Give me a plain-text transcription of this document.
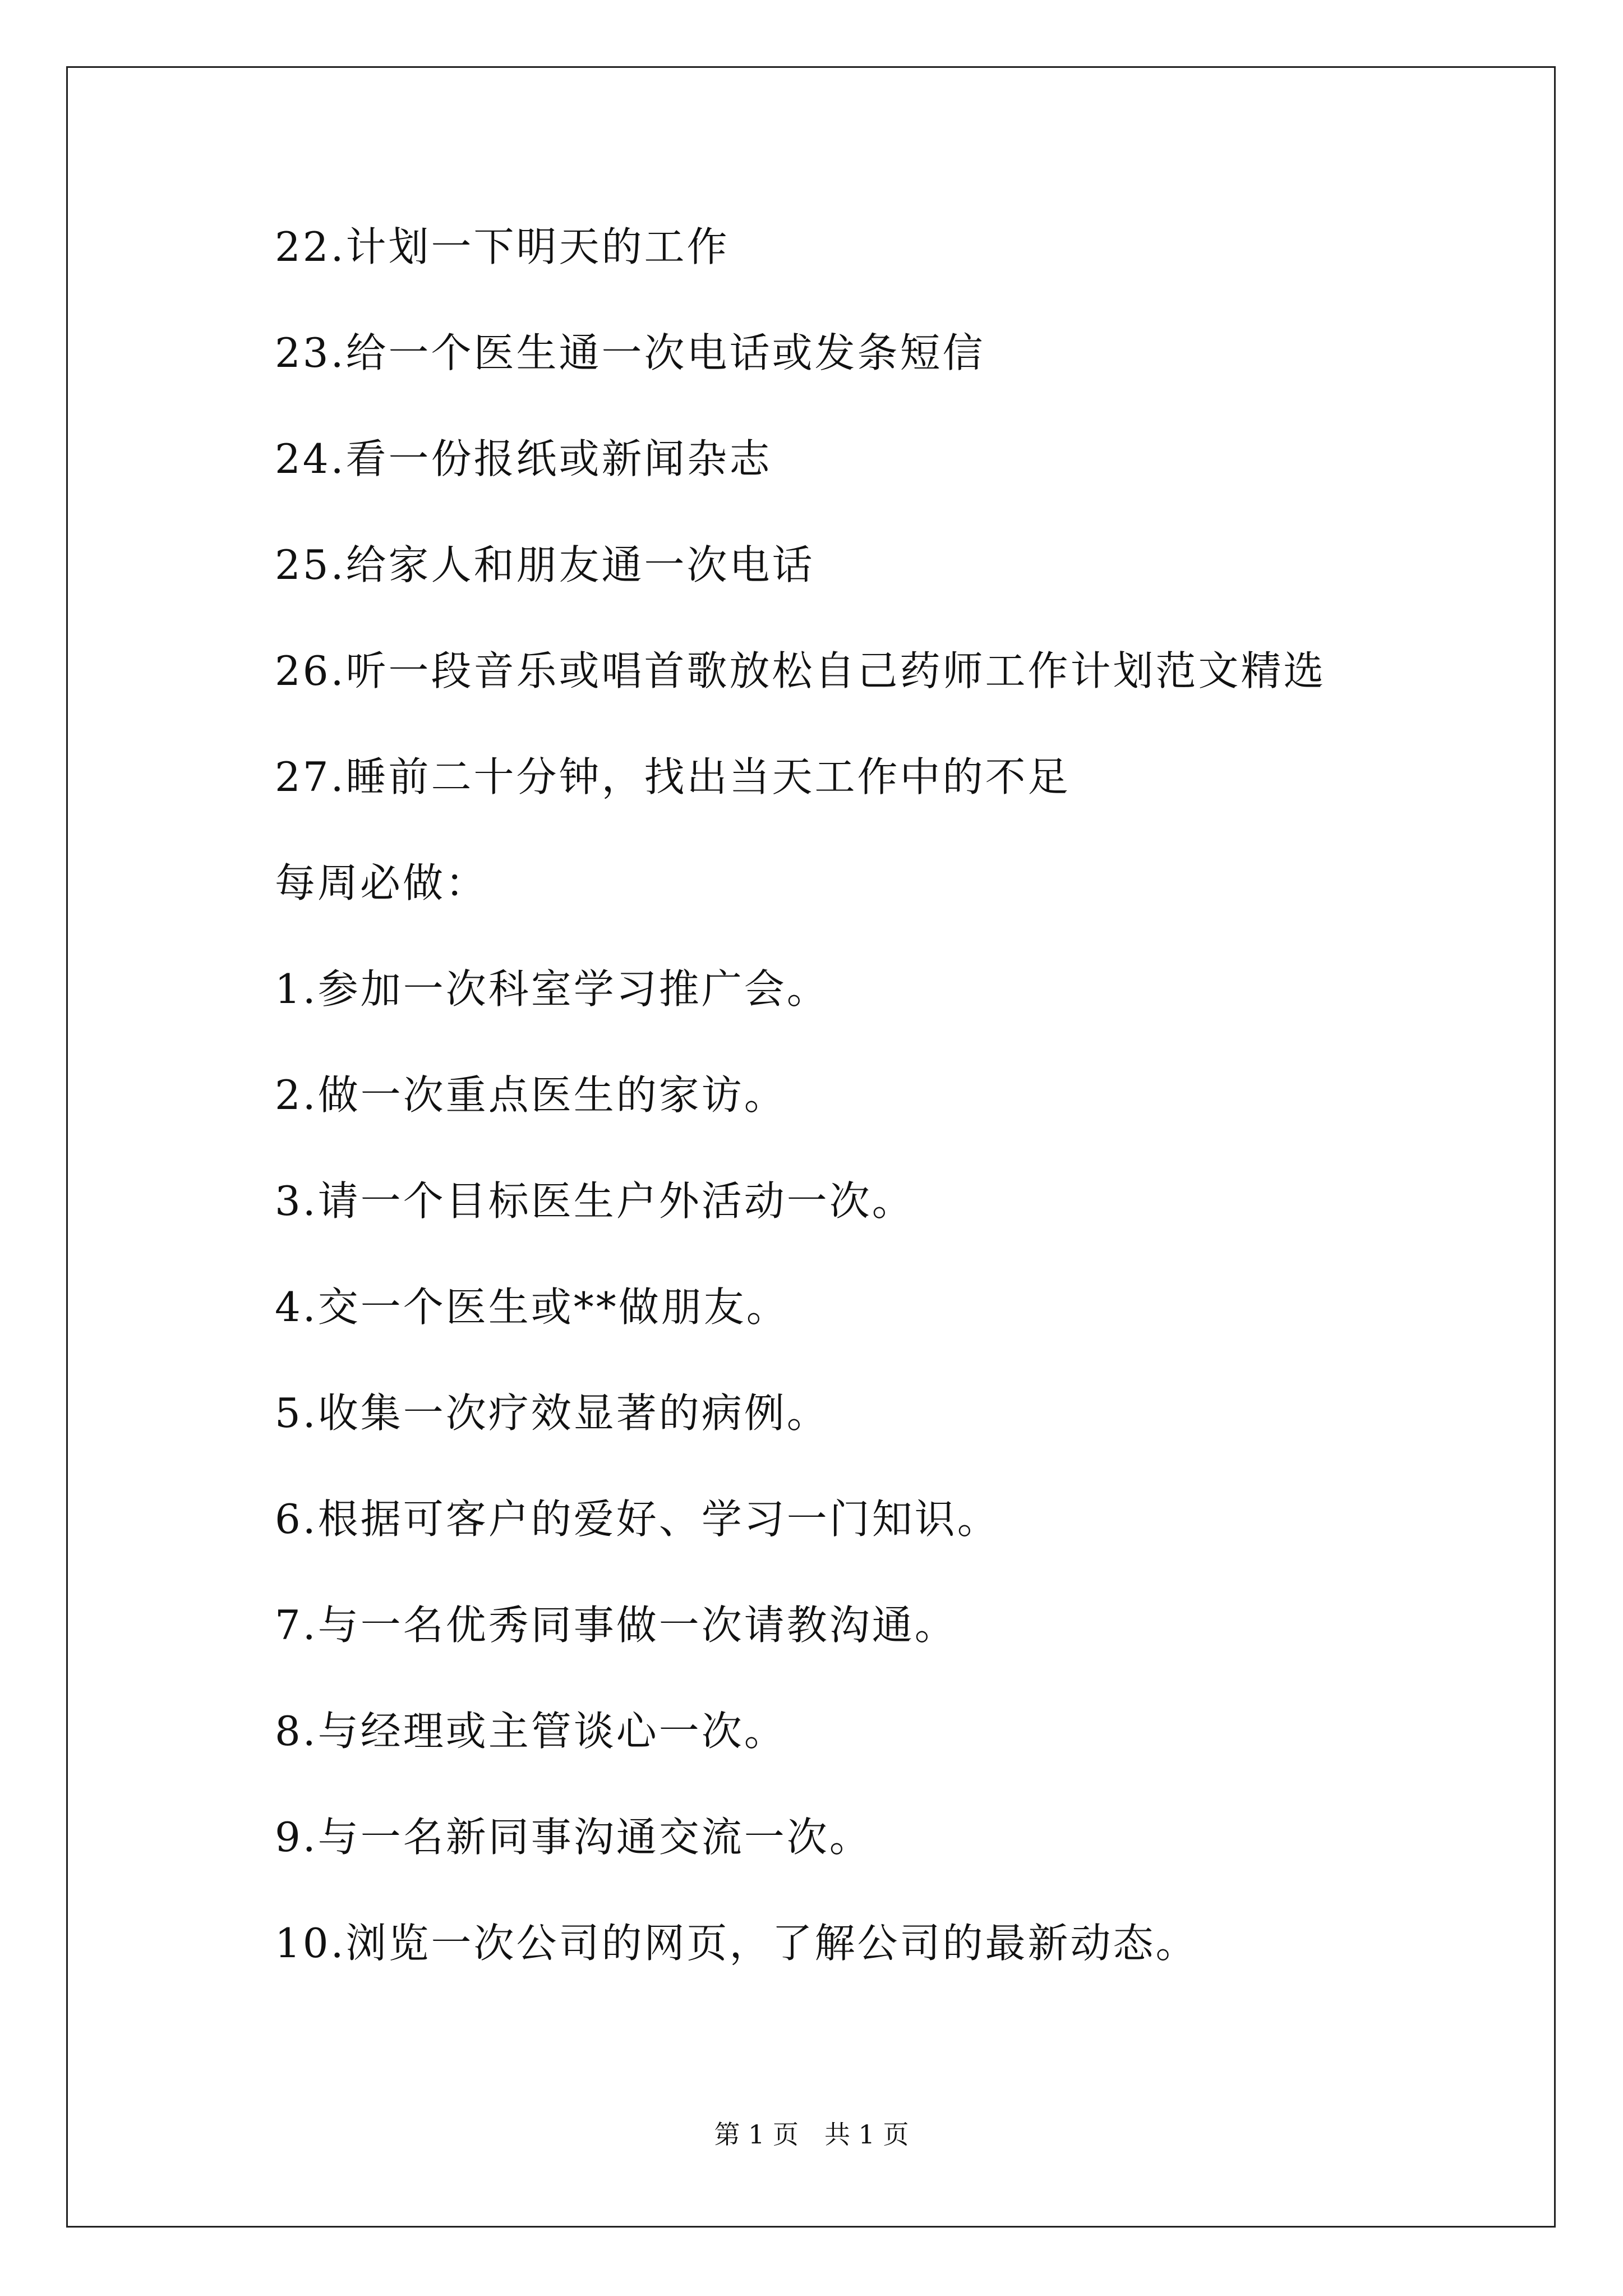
22.计划一下明天的工作
23.给一个医生通一次电话或发条短信
24.看一份报纸或新闻杂志
25.给家人和朋友通一次电话
26.听一段音乐或唱首歌放松自己药师工作计划范文精选
27.睡前二十分钟，找出当天工作中的不足
每周必做：
1.参加一次科室学习推广会。
2.做一次重点医生的家访。
3.请一个目标医生户外活动一次。
4.交一个医生或**做朋友。
5.收集一次疗效显著的病例。
6.根据可客户的爱好、学习一门知识。
7.与一名优秀同事做一次请教沟通。
8.与经理或主管谈心一次。
9.与一名新同事沟通交流一次。
10.浏览一次公司的网页，了解公司的最新动态。
第 1 页　共 1 页
